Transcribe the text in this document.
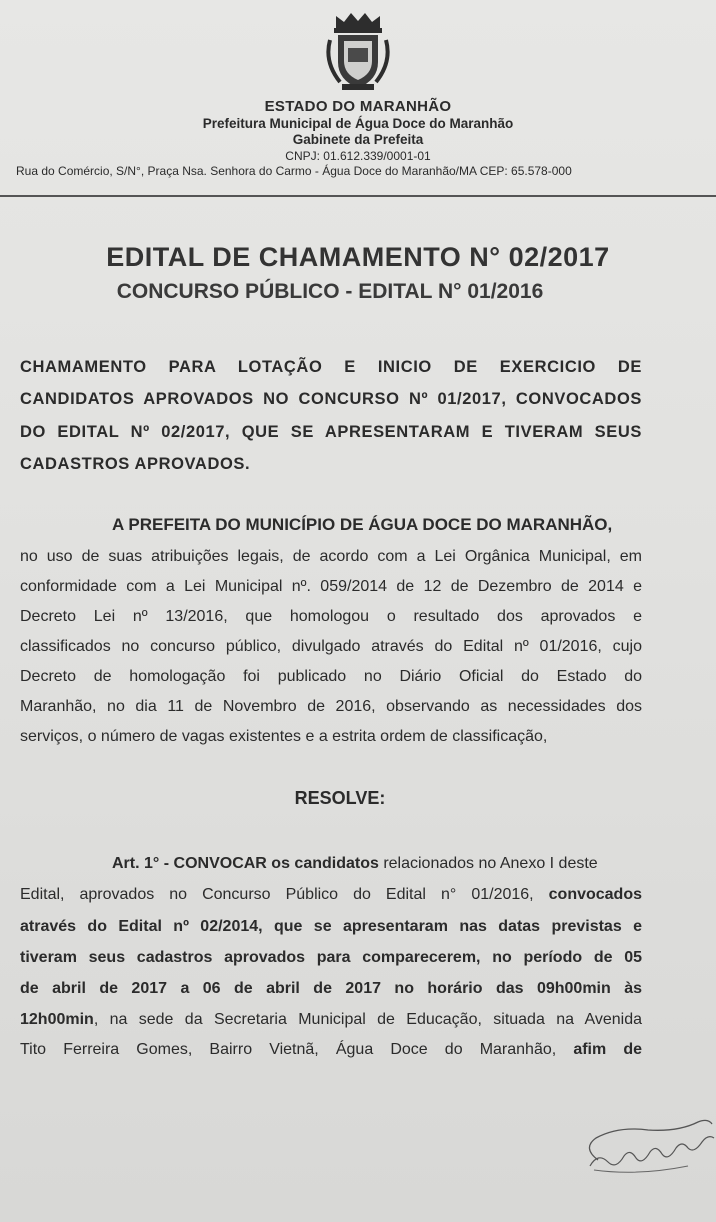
ESTADO DO MARANHÃO
Prefeitura Municipal de Água Doce do Maranhão
Gabinete da Prefeita
CNPJ: 01.612.339/0001-01
Rua do Comércio, S/N°, Praça Nsa. Senhora do Carmo - Água Doce do Maranhão/MA CEP: 65.578-000
EDITAL DE CHAMAMENTO N° 02/2017
CONCURSO PÚBLICO - EDITAL N° 01/2016
CHAMAMENTO PARA LOTAÇÃO E INICIO DE EXERCICIO DE
CANDIDATOS APROVADOS NO CONCURSO Nº 01/2017, CONVOCADOS
DO EDITAL Nº 02/2017, QUE SE APRESENTARAM E TIVERAM SEUS
CADASTROS APROVADOS.
A PREFEITA DO MUNICÍPIO DE ÁGUA DOCE DO MARANHÃO,
no uso de suas atribuições legais, de acordo com a Lei Orgânica Municipal, em
conformidade com a Lei Municipal nº. 059/2014 de 12 de Dezembro de 2014 e
Decreto Lei nº 13/2016, que homologou o resultado dos aprovados e
classificados no concurso público, divulgado através do Edital nº 01/2016, cujo
Decreto de homologação foi publicado no Diário Oficial do Estado do
Maranhão, no dia 11 de Novembro de 2016, observando as necessidades dos
serviços, o número de vagas existentes e a estrita ordem de classificação,
RESOLVE:
Art. 1° - CONVOCAR os candidatos relacionados no Anexo I deste
Edital, aprovados no Concurso Público do Edital n° 01/2016, convocados
através do Edital nº 02/2014, que se apresentaram nas datas previstas e
tiveram seus cadastros aprovados para comparecerem, no período de 05
de abril de 2017 a 06 de abril de 2017 no horário das 09h00min às
12h00min, na sede da Secretaria Municipal de Educação, situada na Avenida
Tito Ferreira Gomes, Bairro Vietnã, Água Doce do Maranhão, afim de
